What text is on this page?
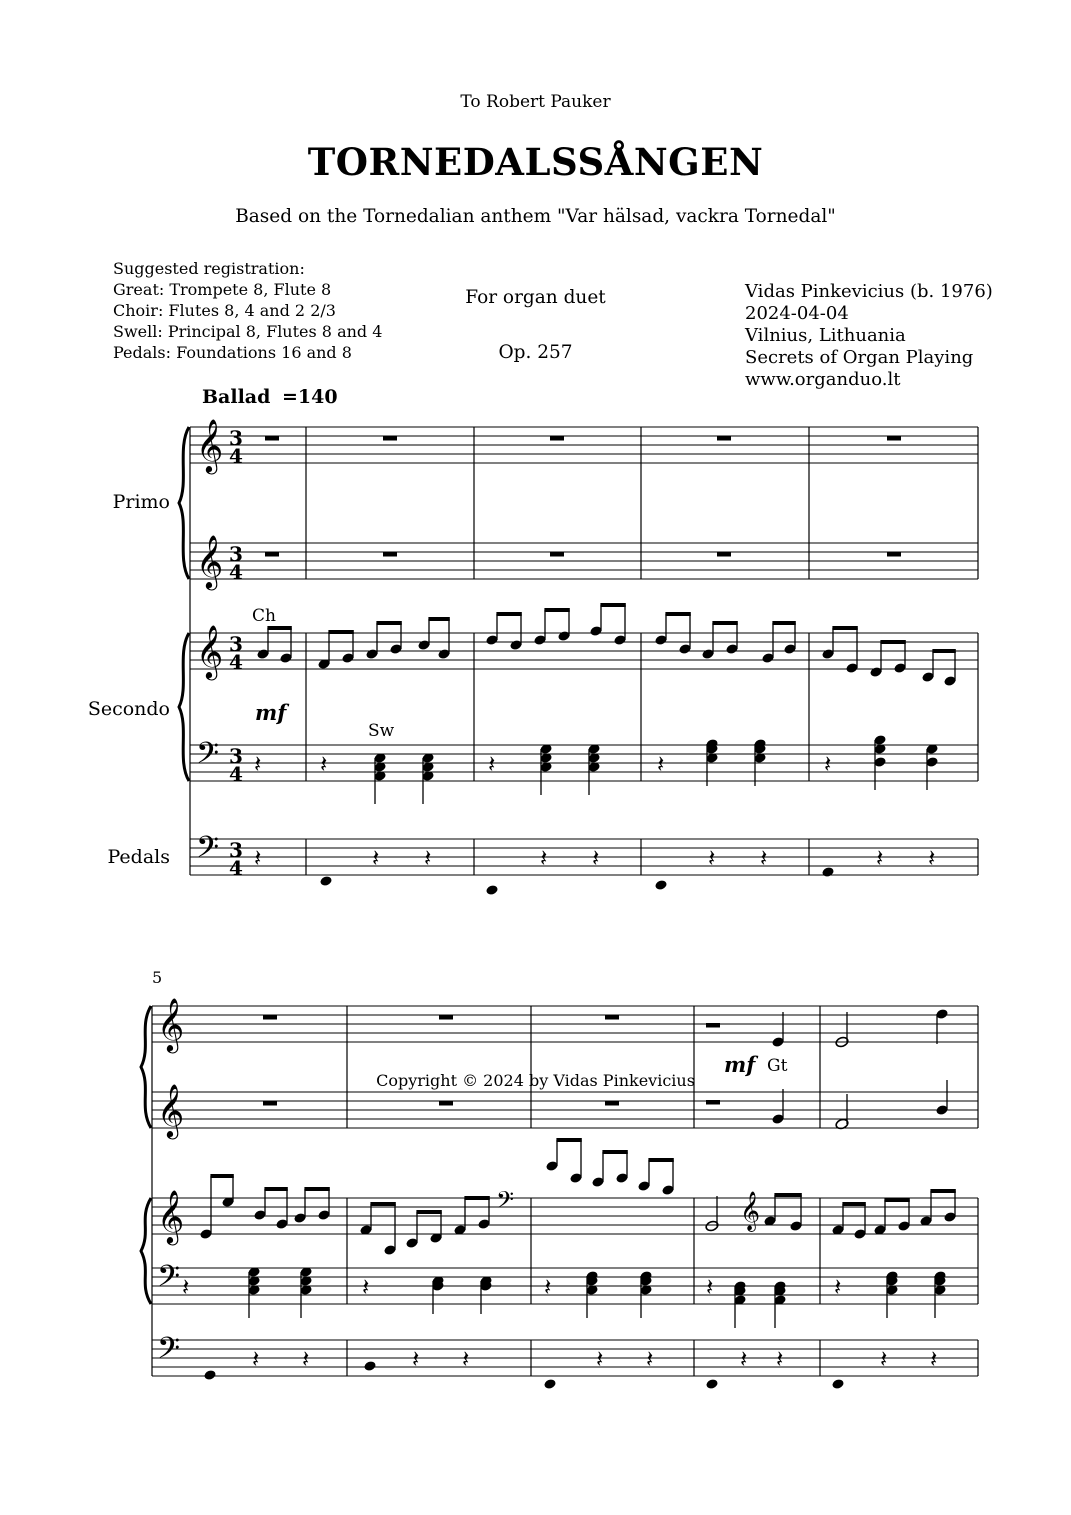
To Robert Pauker
TORNEDALSSÅNGEN
Based on the Tornedalian anthem "Var hälsad, vackra Tornedal"
Suggested registration:
Great: Trompete 8, Flute 8
Choir: Flutes 8, 4 and 2 2/3
Swell: Principal 8, Flutes 8 and 4
Pedals: Foundations 16 and 8
For organ duet
Op. 257
Vidas Pinkevicius (b. 1976)
2024-04-04
Vilnius, Lithuania
Secrets of Organ Playing
www.organduo.lt
Ballad =140
Primo
Secondo
Pedals
Ch
Sw
mf
5
mf Gt
𝄞 3
4
𝄞 3
4
𝄞 3
4
𝄢 3
4
𝄢 3
4
𝄽 𝄽	𝄽	𝄽	𝄽
𝄽	𝄽 𝄽	𝄽 𝄽	𝄽 𝄽	𝄽 𝄽
𝄞
𝄞
𝄞
𝄢
𝄢
𝄞
𝄢
𝄽	𝄽	𝄽	𝄽	𝄽
𝄽 𝄽	𝄽 𝄽	𝄽 𝄽	𝄽 𝄽	𝄽 𝄽
Copyright © 2024 by Vidas Pinkevicius
